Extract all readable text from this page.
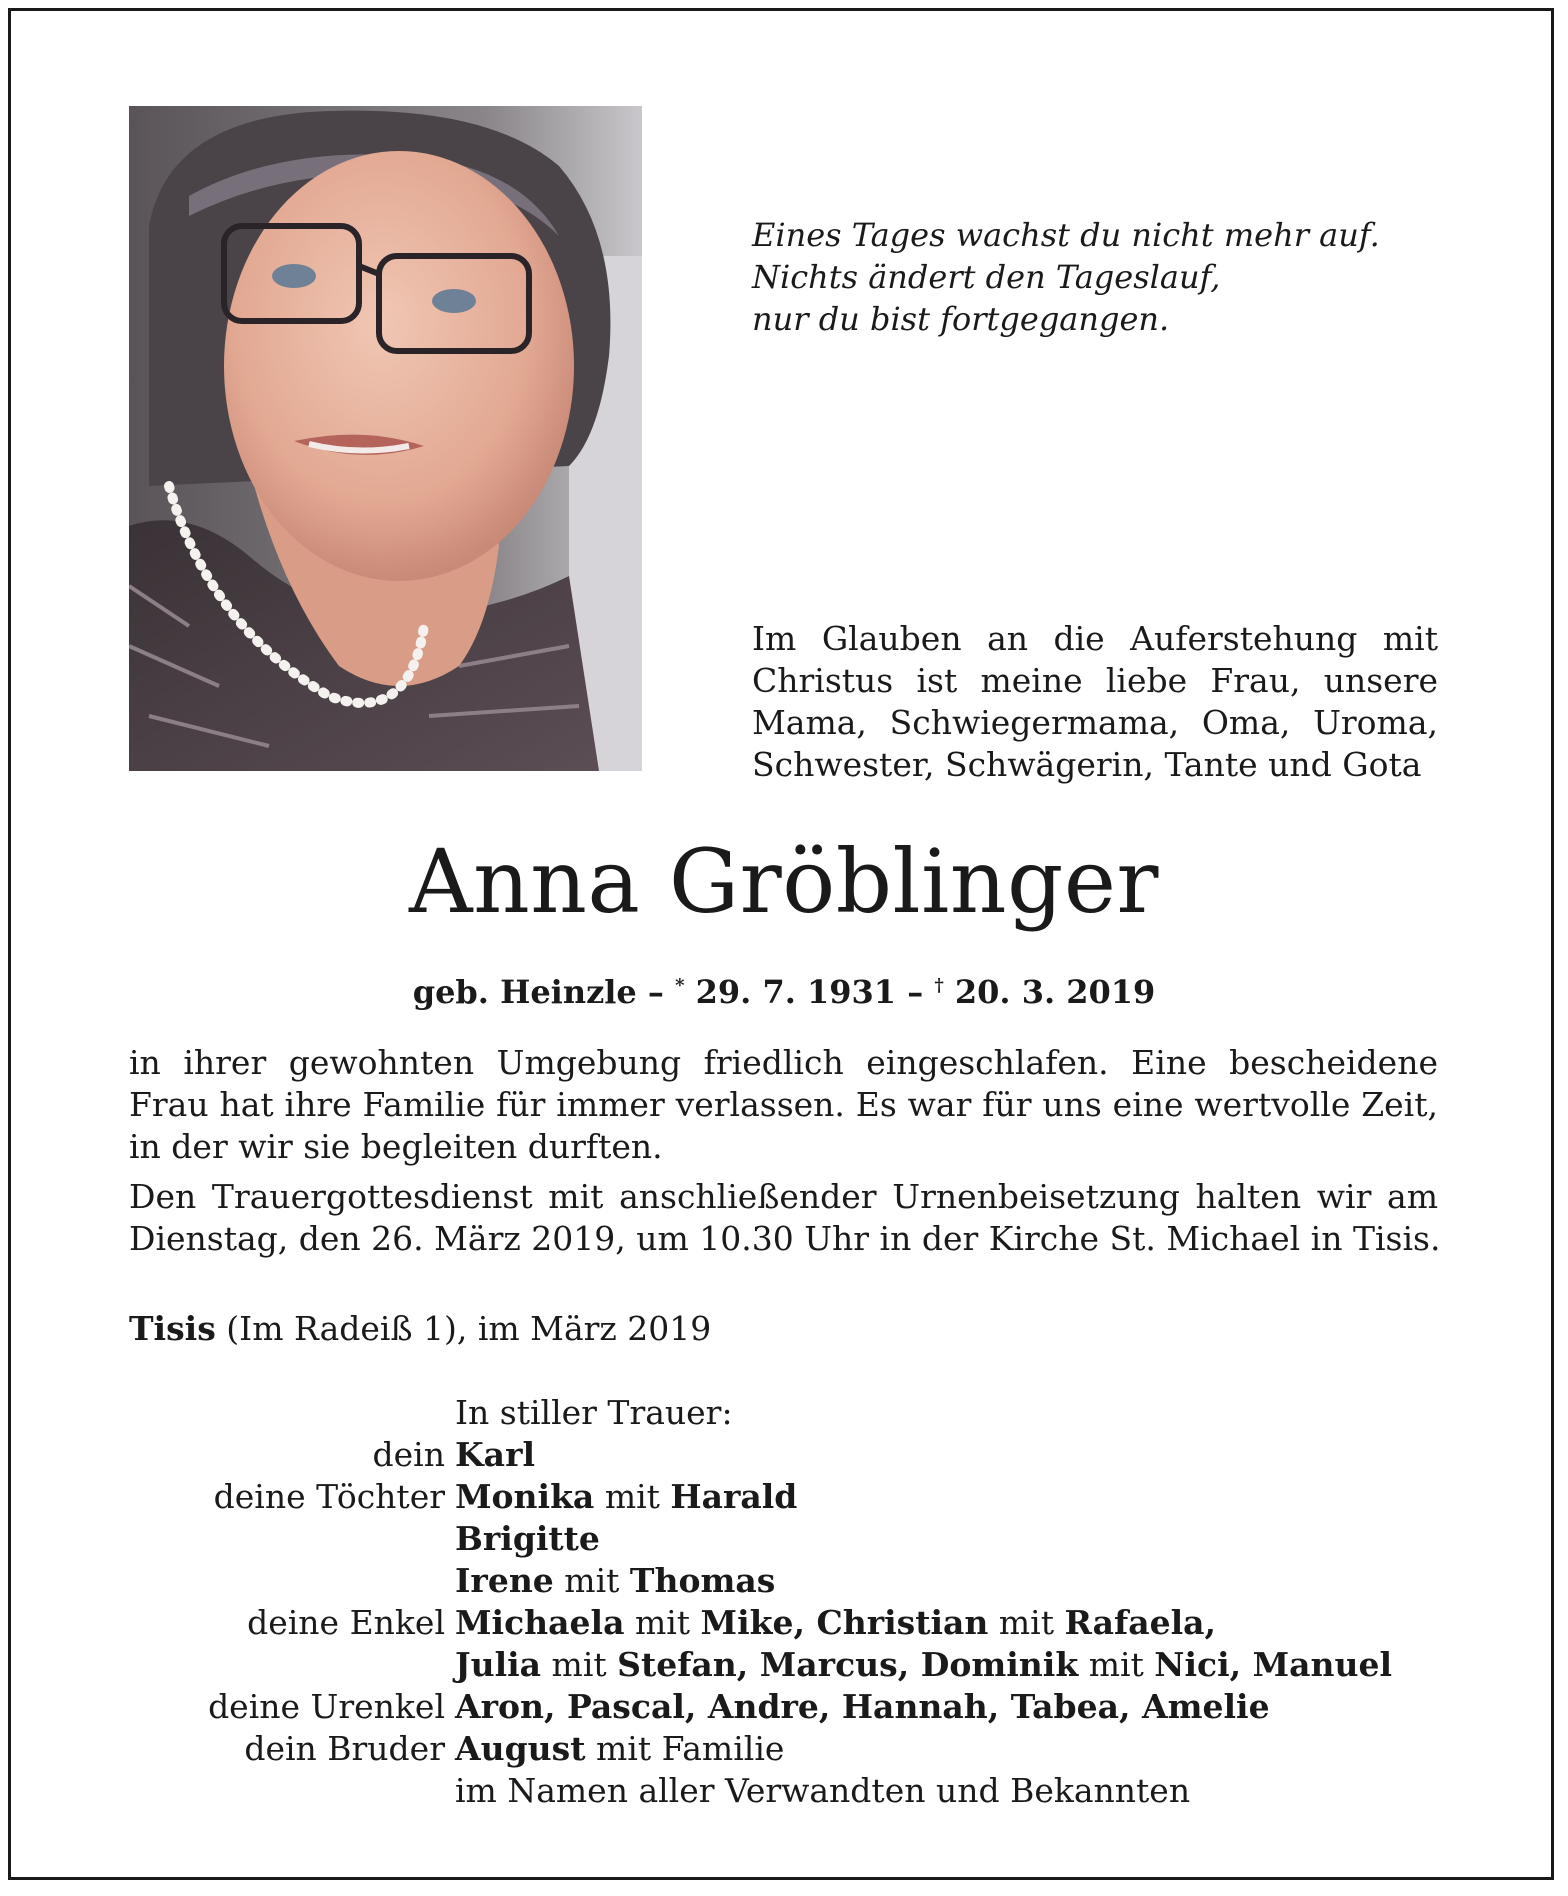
Eines Tages wachst du nicht mehr auf.
Nichts ändert den Tageslauf,
nur du bist fortgegangen.
Im Glauben an die Auferstehung mit
Christus ist meine liebe Frau, unsere
Mama, Schwiegermama, Oma, Uroma,
Schwester, Schwägerin, Tante und Gota
Anna Gröblinger
geb. Heinzle – * 29. 7. 1931 – † 20. 3. 2019
in ihrer gewohnten Umgebung friedlich eingeschlafen. Eine bescheidene
Frau hat ihre Familie für immer verlassen. Es war für uns eine wertvolle Zeit,
in der wir sie begleiten durften.
Den Trauergottesdienst mit anschließender Urnenbeisetzung halten wir am
Dienstag, den 26. März 2019, um 10.30 Uhr in der Kirche St. Michael in Tisis.
Tisis (Im Radeiß 1), im März 2019
In stiller Trauer:
dein Karl
deine Töchter Monika mit Harald
Brigitte
Irene mit Thomas
deine Enkel Michaela mit Mike, Christian mit Rafaela,
Julia mit Stefan, Marcus, Dominik mit Nici, Manuel
deine Urenkel Aron, Pascal, Andre, Hannah, Tabea, Amelie
dein Bruder August mit Familie
im Namen aller Verwandten und Bekannten
